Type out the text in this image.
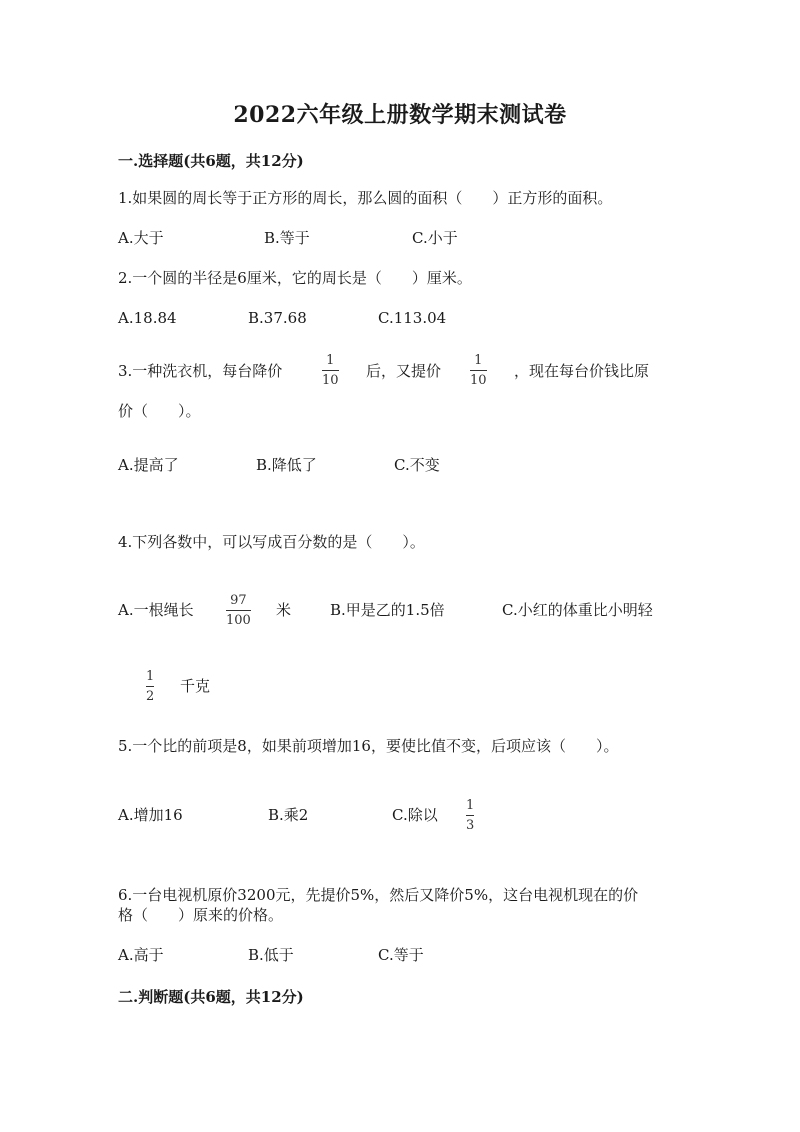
2022六年级上册数学期末测试卷
一.选择题(共6题，共12分)
1.如果圆的周长等于正方形的周长，那么圆的面积（　　）正方形的面积。
A.大于	B.等于	C.小于
2.一个圆的半径是6厘米，它的周长是（　　）厘米。
A.18.84	B.37.68	C.113.04
3.一种洗衣机，每台降价
1
10
后，又提价
1
10
，现在每台价钱比原
价（　　）。
A.提高了	B.降低了	C.不变
4.下列各数中，可以写成百分数的是（　　）。
A.一根绳长
97
100
米	B.甲是乙的1.5倍	C.小红的体重比小明轻
1
2
千克
5.一个比的前项是8，如果前项增加16，要使比值不变，后项应该（　　）。
A.增加16	B.乘2	C.除以
1
3
6.一台电视机原价3200元，先提价5%，然后又降价5%，这台电视机现在的价
格（　　）原来的价格。
A.高于	B.低于	C.等于
二.判断题(共6题，共12分)
